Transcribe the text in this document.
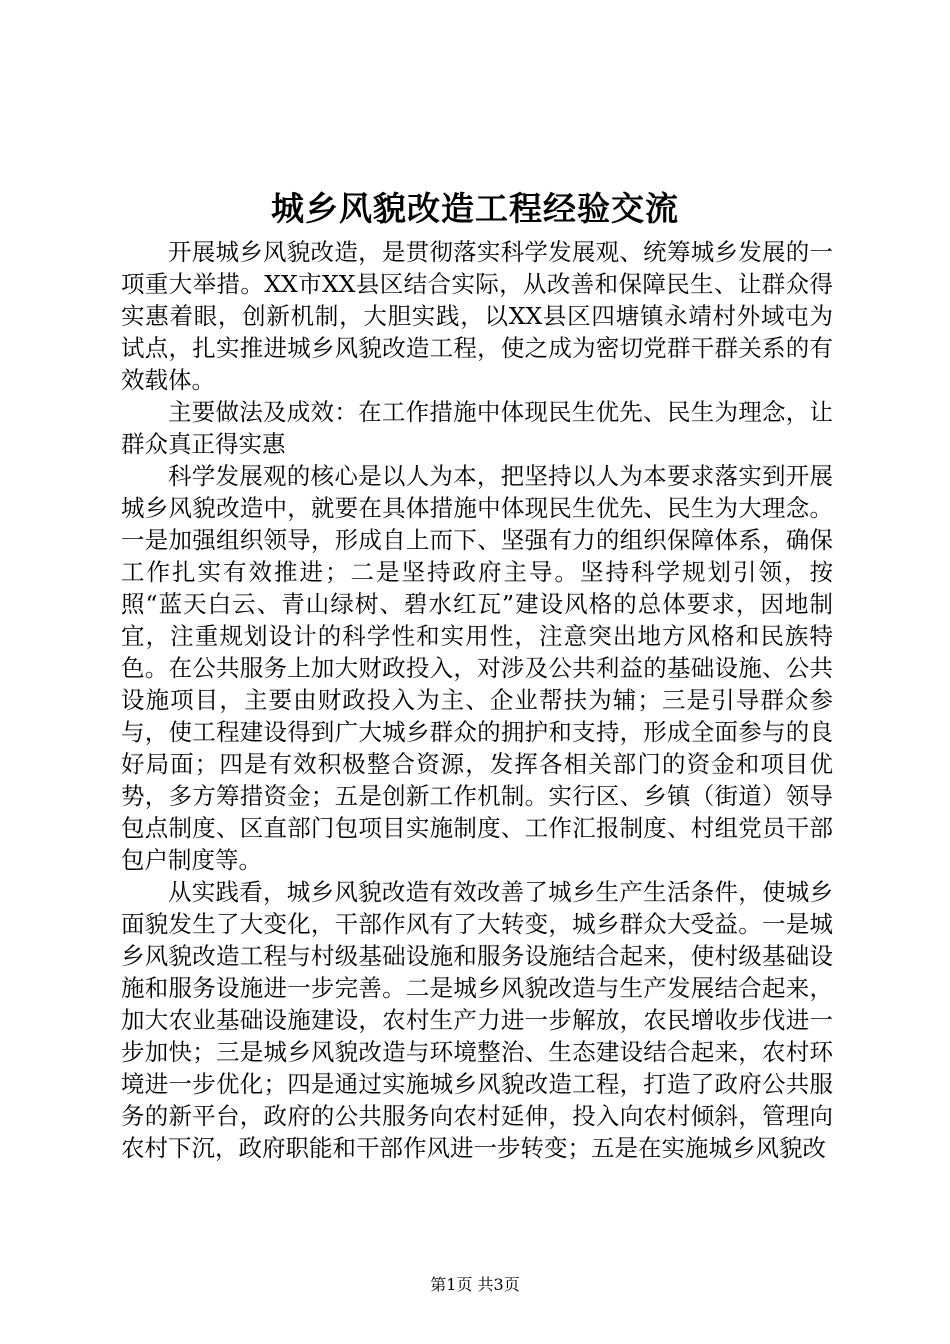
城乡风貌改造工程经验交流

开展城乡风貌改造，是贯彻落实科学发展观、统筹城乡发展的一项重大举措。XX市XX县区结合实际，从改善和保障民生、让群众得实惠着眼，创新机制，大胆实践，以XX县区四塘镇永靖村外域屯为试点，扎实推进城乡风貌改造工程，使之成为密切党群干群关系的有效载体。

主要做法及成效：在工作措施中体现民生优先、民生为理念，让群众真正得实惠

科学发展观的核心是以人为本，把坚持以人为本要求落实到开展城乡风貌改造中，就要在具体措施中体现民生优先、民生为大理念。一是加强组织领导，形成自上而下、坚强有力的组织保障体系，确保工作扎实有效推进；二是坚持政府主导。坚持科学规划引领，按照“蓝天白云、青山绿树、碧水红瓦”建设风格的总体要求，因地制宜，注重规划设计的科学性和实用性，注意突出地方风格和民族特色。在公共服务上加大财政投入，对涉及公共利益的基础设施、公共设施项目，主要由财政投入为主、企业帮扶为辅；三是引导群众参与，使工程建设得到广大城乡群众的拥护和支持，形成全面参与的良好局面；四是有效积极整合资源，发挥各相关部门的资金和项目优势，多方筹措资金；五是创新工作机制。实行区、乡镇（街道）领导包点制度、区直部门包项目实施制度、工作汇报制度、村组党员干部包户制度等。

从实践看，城乡风貌改造有效改善了城乡生产生活条件，使城乡面貌发生了大变化，干部作风有了大转变，城乡群众大受益。一是城乡风貌改造工程与村级基础设施和服务设施结合起来，使村级基础设施和服务设施进一步完善。二是城乡风貌改造与生产发展结合起来，加大农业基础设施建设，农村生产力进一步解放，农民增收步伐进一步加快；三是城乡风貌改造与环境整治、生态建设结合起来，农村环境进一步优化；四是通过实施城乡风貌改造工程，打造了政府公共服务的新平台，政府的公共服务向农村延伸，投入向农村倾斜，管理向农村下沉，政府职能和干部作风进一步转变；五是在实施城乡风貌改

第1页 共3页
